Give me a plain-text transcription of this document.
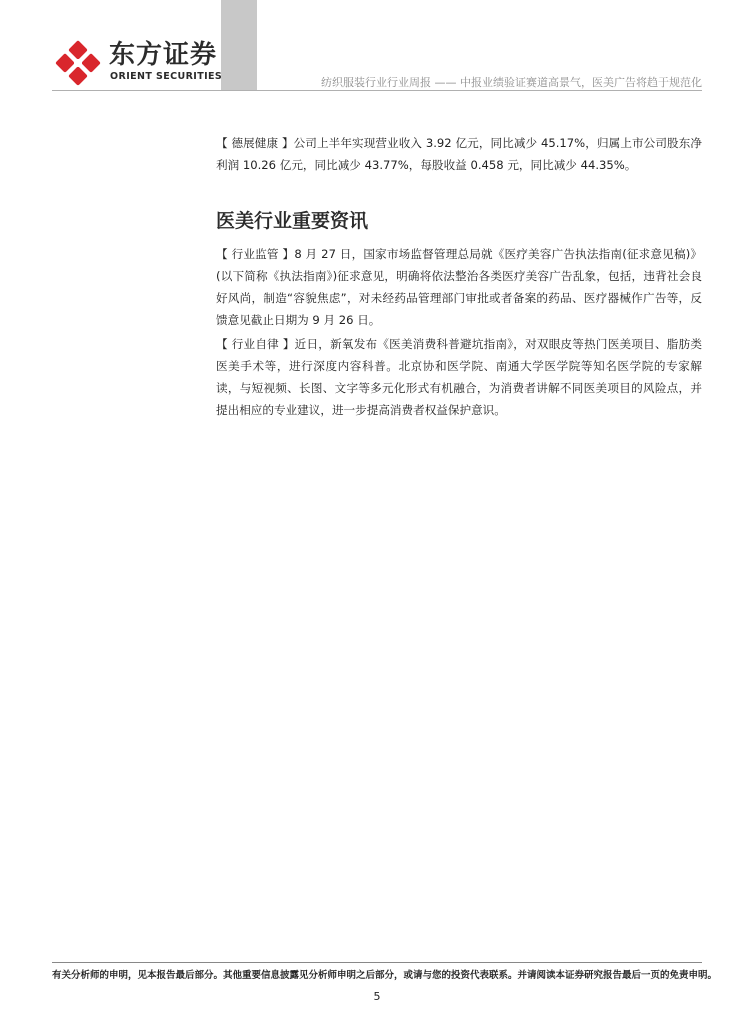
东方证券
ORIENT SECURITIES	纺织服装行业行业周报 —— 中报业绩验证赛道高景气，医美广告将趋于规范化

【 德展健康 】公司上半年实现营业收入 3.92 亿元，同比减少 45.17%，归属上市公司股东净利润 10.26 亿元，同比减少 43.77%，每股收益 0.458 元，同比减少 44.35%。

医美行业重要资讯

【 行业监管 】8 月 27 日，国家市场监督管理总局就《医疗美容广告执法指南(征求意见稿)》(以下简称《执法指南》)征求意见，明确将依法整治各类医疗美容广告乱象，包括，违背社会良好风尚，制造“容貌焦虑”，对未经药品管理部门审批或者备案的药品、医疗器械作广告等，反馈意见截止日期为 9 月 26 日。

【 行业自律 】近日，新氧发布《医美消费科普避坑指南》，对双眼皮等热门医美项目、脂肪类医美手术等，进行深度内容科普。北京协和医学院、南通大学医学院等知名医学院的专家解读，与短视频、长图、文字等多元化形式有机融合，为消费者讲解不同医美项目的风险点，并提出相应的专业建议，进一步提高消费者权益保护意识。

有关分析师的申明，见本报告最后部分。其他重要信息披露见分析师申明之后部分，或请与您的投资代表联系。并请阅读本证券研究报告最后一页的免责申明。
5
